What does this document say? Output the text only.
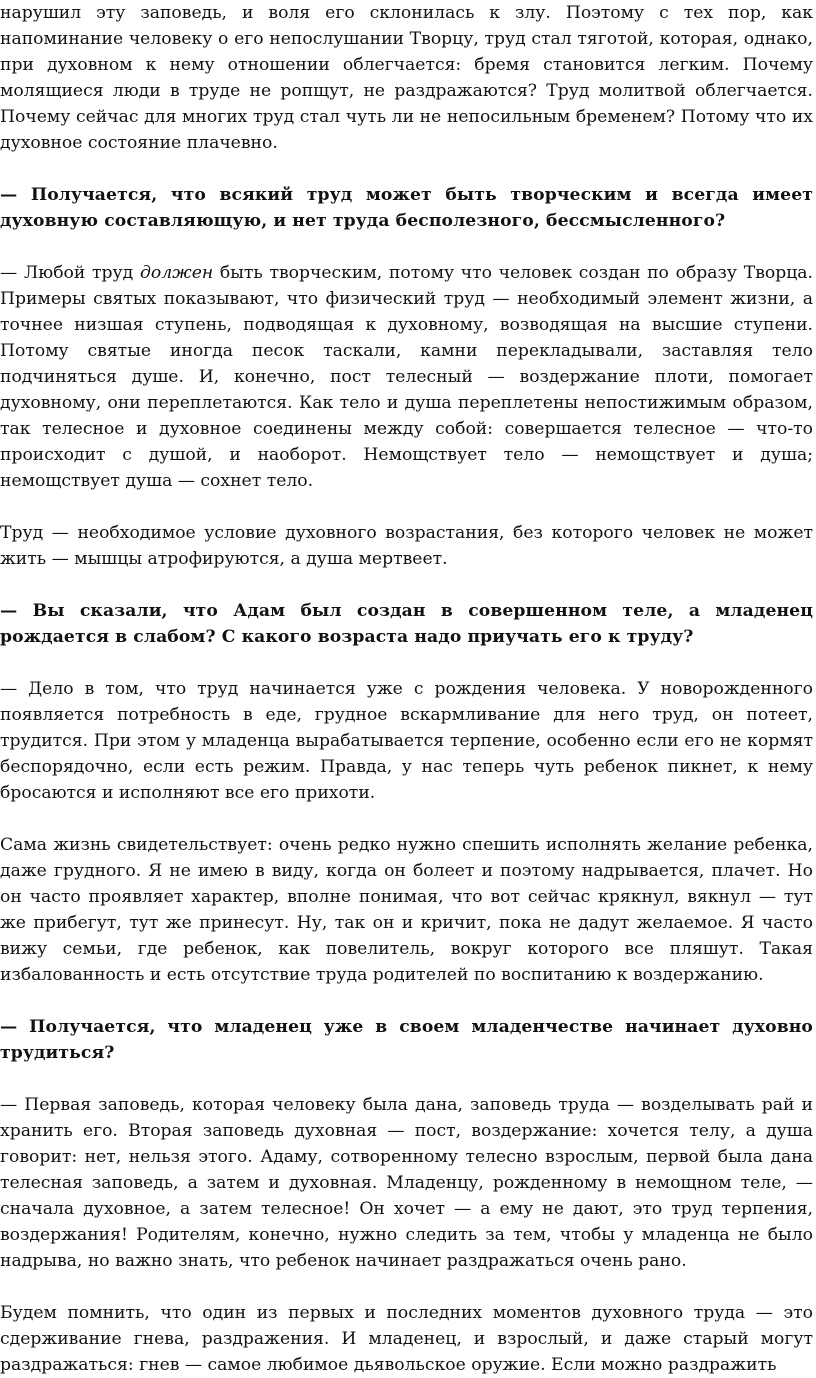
нарушил эту заповедь, и воля его склонилась к злу. Поэтому с тех пор, как напоминание человеку о его непослушании Творцу, труд стал тяготой, которая, однако, при духовном к нему отношении облегчается: бремя становится легким. Почему молящиеся люди в труде не ропщут, не раздражаются? Труд молитвой облегчается. Почему сейчас для многих труд стал чуть ли не непосильным бременем? Потому что их духовное состояние плачевно.

— Получается, что всякий труд может быть творческим и всегда имеет духовную составляющую, и нет труда бесполезного, бессмысленного?

— Любой труд должен быть творческим, потому что человек создан по образу Творца. Примеры святых показывают, что физический труд — необходимый элемент жизни, а точнее низшая ступень, подводящая к духовному, возводящая на высшие ступени. Потому святые иногда песок таскали, камни перекладывали, заставляя тело подчиняться душе. И, конечно, пост телесный — воздержание плоти, помогает духовному, они переплетаются. Как тело и душа переплетены непостижимым образом, так телесное и духовное соединены между собой: совершается телесное — что-то происходит с душой, и наоборот. Немощствует тело — немощствует и душа; немощствует душа — сохнет тело.

Труд — необходимое условие духовного возрастания, без которого человек не может жить — мышцы атрофируются, а душа мертвеет.

— Вы сказали, что Адам был создан в совершенном теле, а младенец рождается в слабом? С какого возраста надо приучать его к труду?

— Дело в том, что труд начинается уже с рождения человека. У новорожденного появляется потребность в еде, грудное вскармливание для него труд, он потеет, трудится. При этом у младенца вырабатывается терпение, особенно если его не кормят беспорядочно, если есть режим. Правда, у нас теперь чуть ребенок пикнет, к нему бросаются и исполняют все его прихоти.

Сама жизнь свидетельствует: очень редко нужно спешить исполнять желание ребенка, даже грудного. Я не имею в виду, когда он болеет и поэтому надрывается, плачет. Но он часто проявляет характер, вполне понимая, что вот сейчас крякнул, вякнул — тут же прибегут, тут же принесут. Ну, так он и кричит, пока не дадут желаемое. Я часто вижу семьи, где ребенок, как повелитель, вокруг которого все пляшут. Такая избалованность и есть отсутствие труда родителей по воспитанию к воздержанию.

— Получается, что младенец уже в своем младенчестве начинает духовно трудиться?

— Первая заповедь, которая человеку была дана, заповедь труда — возделывать рай и хранить его. Вторая заповедь духовная — пост, воздержание: хочется телу, а душа говорит: нет, нельзя этого. Адаму, сотворенному телесно взрослым, первой была дана телесная заповедь, а затем и духовная. Младенцу, рожденному в немощном теле, — сначала духовное, а затем телесное! Он хочет — а ему не дают, это труд терпения, воздержания! Родителям, конечно, нужно следить за тем, чтобы у младенца не было надрыва, но важно знать, что ребенок начинает раздражаться очень рано.

Будем помнить, что один из первых и последних моментов духовного труда — это сдерживание гнева, раздражения. И младенец, и взрослый, и даже старый могут раздражаться: гнев — самое любимое дьявольское оружие. Если можно раздражить
